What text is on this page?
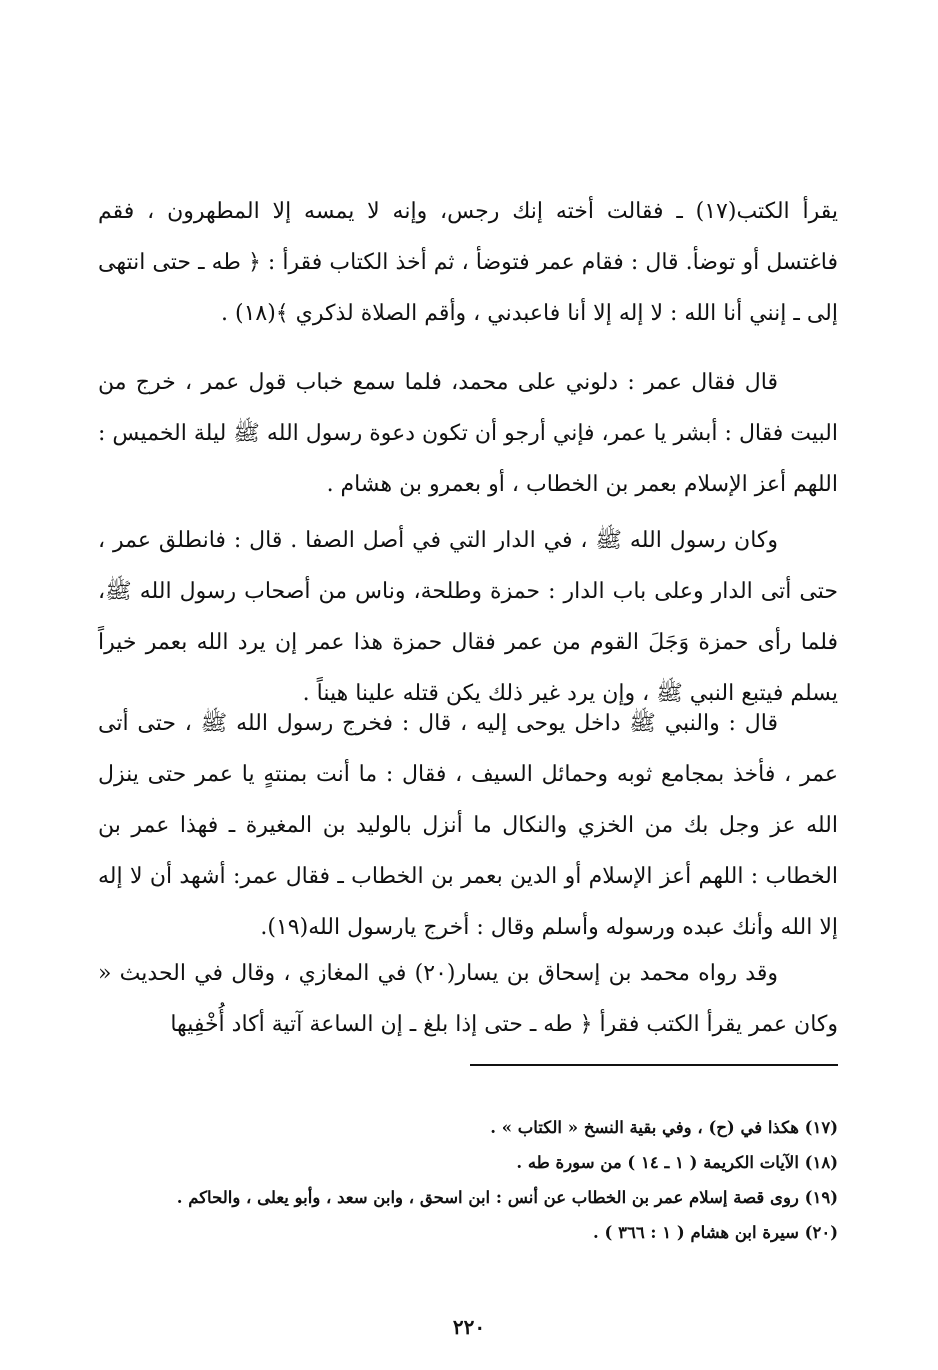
يقرأ الكتب(١٧) ـ فقالت أخته إنك رجس، وإنه لا يمسه إلا المطهرون ، فقم فاغتسل أو توضأ. قال : فقام عمر فتوضأ ، ثم أخذ الكتاب فقرأ : ﴿ طه ـ حتى انتهى إلى ـ إنني أنا الله : لا إله إلا أنا فاعبدني ، وأقم الصلاة لذكري ﴾(١٨) .

قال فقال عمر : دلوني على محمد، فلما سمع خباب قول عمر ، خرج من البيت فقال : أبشر يا عمر، فإني أرجو أن تكون دعوة رسول الله ﷺ ليلة الخميس : اللهم أعز الإسلام بعمر بن الخطاب ، أو بعمرو بن هشام .

وكان رسول الله ﷺ ، في الدار التي في أصل الصفا . قال : فانطلق عمر ، حتى أتى الدار وعلى باب الدار : حمزة وطلحة، وناس من أصحاب رسول الله ﷺ، فلما رأى حمزة وَجَلَ القوم من عمر فقال حمزة هذا عمر إن يرد الله بعمر خيراً يسلم فيتبع النبي ﷺ ، وإن يرد غير ذلك يكن قتله علينا هيناً .

قال : والنبي ﷺ داخل يوحى إليه ، قال : فخرج رسول الله ﷺ ، حتى أتى عمر ، فأخذ بمجامع ثوبه وحمائل السيف ، فقال : ما أنت بمنتهٍ يا عمر حتى ينزل الله عز وجل بك من الخزي والنكال ما أنزل بالوليد بن المغيرة ـ فهذا عمر بن الخطاب : اللهم أعز الإسلام أو الدين بعمر بن الخطاب ـ فقال عمر: أشهد أن لا إله إلا الله وأنك عبده ورسوله وأسلم وقال : أخرج يارسول الله(١٩).

وقد رواه محمد بن إسحاق بن يسار(٢٠) في المغازي ، وقال في الحديث « وكان عمر يقرأ الكتب فقرأ ﴿ طه ـ حتى إذا بلغ ـ إن الساعة آتية أكاد أُخْفِيها

(١٧) هكذا في (ح) ، وفي بقية النسخ « الكتاب » .

(١٨) الآيات الكريمة ( ١ ـ ١٤ ) من سورة طه .

(١٩) روى قصة إسلام عمر بن الخطاب عن أنس : ابن اسحق ، وابن سعد ، وأبو يعلى ، والحاكم .

(٢٠) سيرة ابن هشام ( ١ : ٣٦٦ ) .

٢٢٠
